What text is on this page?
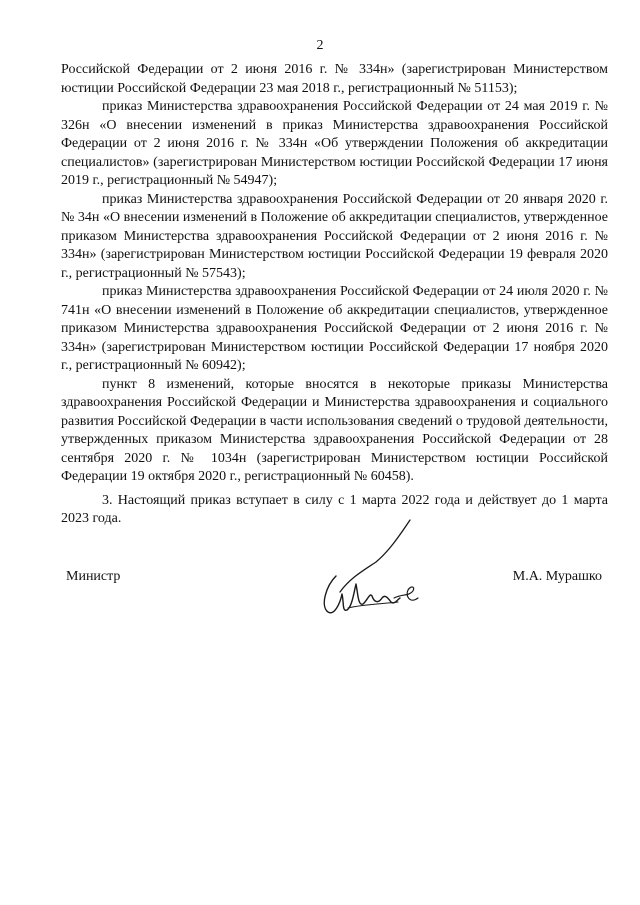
2

Российской Федерации от 2 июня 2016 г. № 334н» (зарегистрирован Министерством юстиции Российской Федерации 23 мая 2018 г., регистрационный № 51153);

приказ Министерства здравоохранения Российской Федерации от 24 мая 2019 г. № 326н «О внесении изменений в приказ Министерства здравоохранения Российской Федерации от 2 июня 2016 г. № 334н «Об утверждении Положения об аккредитации специалистов» (зарегистрирован Министерством юстиции Российской Федерации 17 июня 2019 г., регистрационный № 54947);

приказ Министерства здравоохранения Российской Федерации от 20 января 2020 г. № 34н «О внесении изменений в Положение об аккредитации специалистов, утвержденное приказом Министерства здравоохранения Российской Федерации от 2 июня 2016 г. № 334н» (зарегистрирован Министерством юстиции Российской Федерации 19 февраля 2020 г., регистрационный № 57543);

приказ Министерства здравоохранения Российской Федерации от 24 июля 2020 г. № 741н «О внесении изменений в Положение об аккредитации специалистов, утвержденное приказом Министерства здравоохранения Российской Федерации от 2 июня 2016 г. № 334н» (зарегистрирован Министерством юстиции Российской Федерации 17 ноября 2020 г., регистрационный № 60942);

пункт 8 изменений, которые вносятся в некоторые приказы Министерства здравоохранения Российской Федерации и Министерства здравоохранения и социального развития Российской Федерации в части использования сведений о трудовой деятельности, утвержденных приказом Министерства здравоохранения Российской Федерации от 28 сентября 2020 г. № 1034н (зарегистрирован Министерством юстиции Российской Федерации 19 октября 2020 г., регистрационный № 60458).

3. Настоящий приказ вступает в силу с 1 марта 2022 года и действует до 1 марта 2023 года.

Министр	М.А. Мурашко
